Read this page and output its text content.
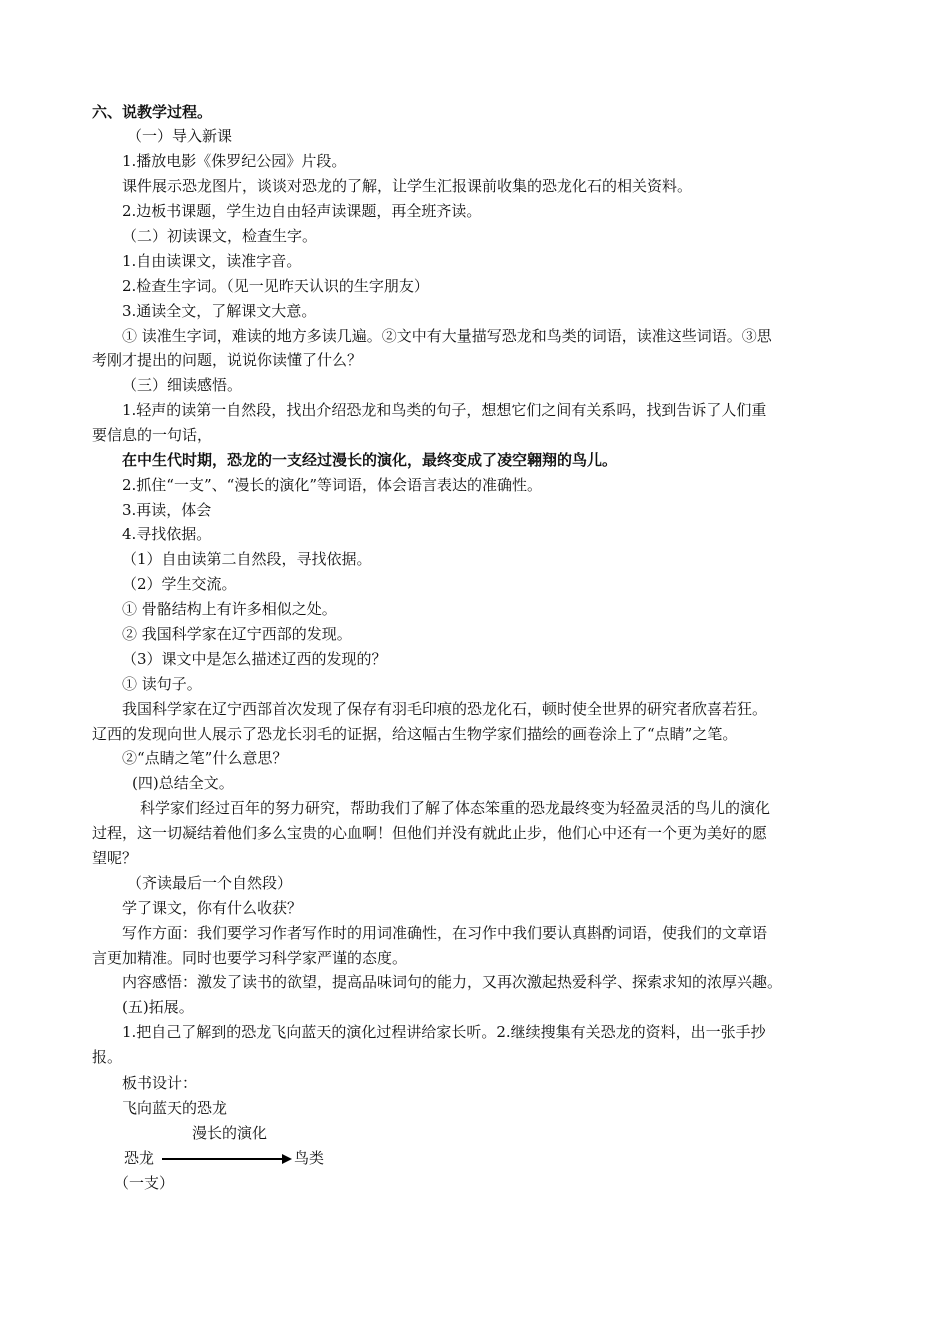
六、说教学过程。
（一）导入新课
1.播放电影《侏罗纪公园》片段。
课件展示恐龙图片，谈谈对恐龙的了解，让学生汇报课前收集的恐龙化石的相关资料。
2.边板书课题，学生边自由轻声读课题，再全班齐读。
（二）初读课文，检查生字。
1.自由读课文，读准字音。
2.检查生字词。（见一见昨天认识的生字朋友）
3.通读全文，了解课文大意。
① 读准生字词，难读的地方多读几遍。②文中有大量描写恐龙和鸟类的词语，读准这些词语。③思
考刚才提出的问题，说说你读懂了什么？
（三）细读感悟。
1.轻声的读第一自然段，找出介绍恐龙和鸟类的句子，想想它们之间有关系吗，找到告诉了人们重
要信息的一句话，
在中生代时期，恐龙的一支经过漫长的演化，最终变成了凌空翱翔的鸟儿。
2.抓住“一支”、“漫长的演化”等词语，体会语言表达的准确性。
3.再读，体会
4.寻找依据。
（1）自由读第二自然段，寻找依据。
（2）学生交流。
① 骨骼结构上有许多相似之处。
② 我国科学家在辽宁西部的发现。
（3）课文中是怎么描述辽西的发现的？
① 读句子。
我国科学家在辽宁西部首次发现了保存有羽毛印痕的恐龙化石，顿时使全世界的研究者欣喜若狂。
辽西的发现向世人展示了恐龙长羽毛的证据，给这幅古生物学家们描绘的画卷涂上了“点睛”之笔。
②“点睛之笔”什么意思？
(四)总结全文。
科学家们经过百年的努力研究，帮助我们了解了体态笨重的恐龙最终变为轻盈灵活的鸟儿的演化
过程，这一切凝结着他们多么宝贵的心血啊！但他们并没有就此止步，他们心中还有一个更为美好的愿
望呢？
（齐读最后一个自然段）
学了课文，你有什么收获？
写作方面：我们要学习作者写作时的用词准确性，在习作中我们要认真斟酌词语，使我们的文章语
言更加精准。同时也要学习科学家严谨的态度。
内容感悟：激发了读书的欲望，提高品味词句的能力，又再次激起热爱科学、探索求知的浓厚兴趣。
(五)拓展。
1.把自己了解到的恐龙飞向蓝天的演化过程讲给家长听。2.继续搜集有关恐龙的资料，出一张手抄
报。
板书设计：
飞向蓝天的恐龙
漫长的演化
恐龙	鸟类
（一支）
